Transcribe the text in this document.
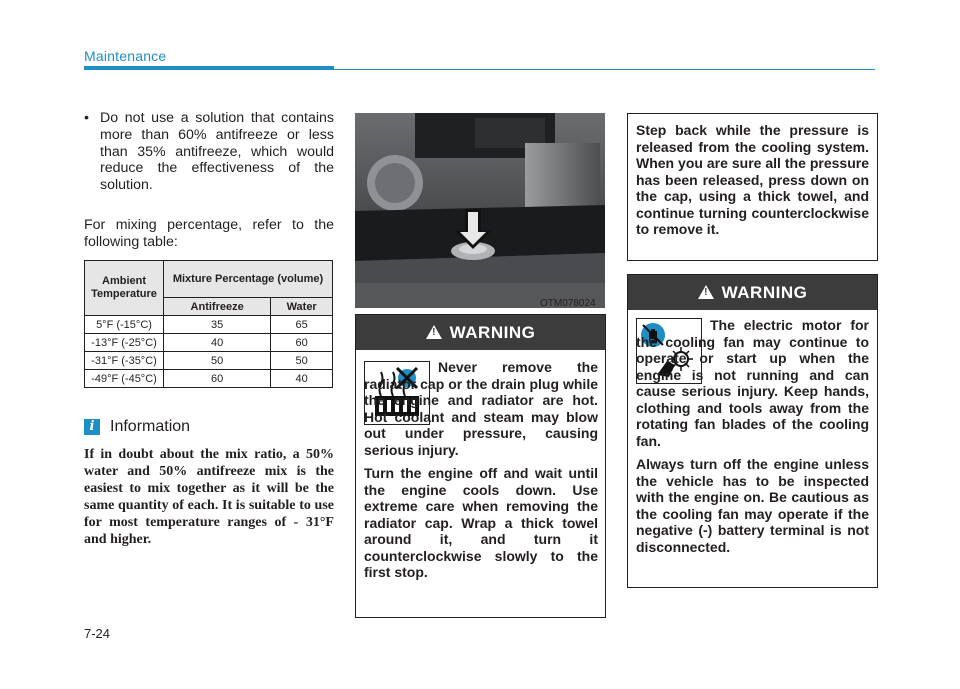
Maintenance
• Do not use a solution that contains more than 60% antifreeze or less than 35% antifreeze, which would reduce the effectiveness of the solution.
For mixing percentage, refer to the following table:
Ambient Temperature	Mixture Percentage (volume)	
	Antifreeze	Water
5°F (-15°C)	35	65
-13°F (-25°C)	40	60
-31°F (-35°C)	50	50
-49°F (-45°C)	60	40
i Information
If in doubt about the mix ratio, a 50% water and 50% antifreeze mix is the easiest to mix together as it will be the same quantity of each. It is suitable to use for most temperature ranges of - 31°F and higher.
OTM078024
! WARNING

Never remove the radiator cap or the drain plug while the engine and radiator are hot. Hot coolant and steam may blow out under pressure, causing serious injury.

Turn the engine off and wait until the engine cools down. Use extreme care when removing the radiator cap. Wrap a thick towel around it, and turn it counterclockwise slowly to the first stop.

Step back while the pressure is released from the cooling system. When you are sure all the pressure has been released, press down on the cap, using a thick towel, and continue turning counterclockwise to remove it.
! WARNING

The electric motor for the cooling fan may continue to operate or start up when the engine is not running and can cause serious injury. Keep hands, clothing and tools away from the rotating fan blades of the cooling fan.

Always turn off the engine unless the vehicle has to be inspected with the engine on. Be cautious as the cooling fan may operate if the negative (-) battery terminal is not disconnected.

7-24
